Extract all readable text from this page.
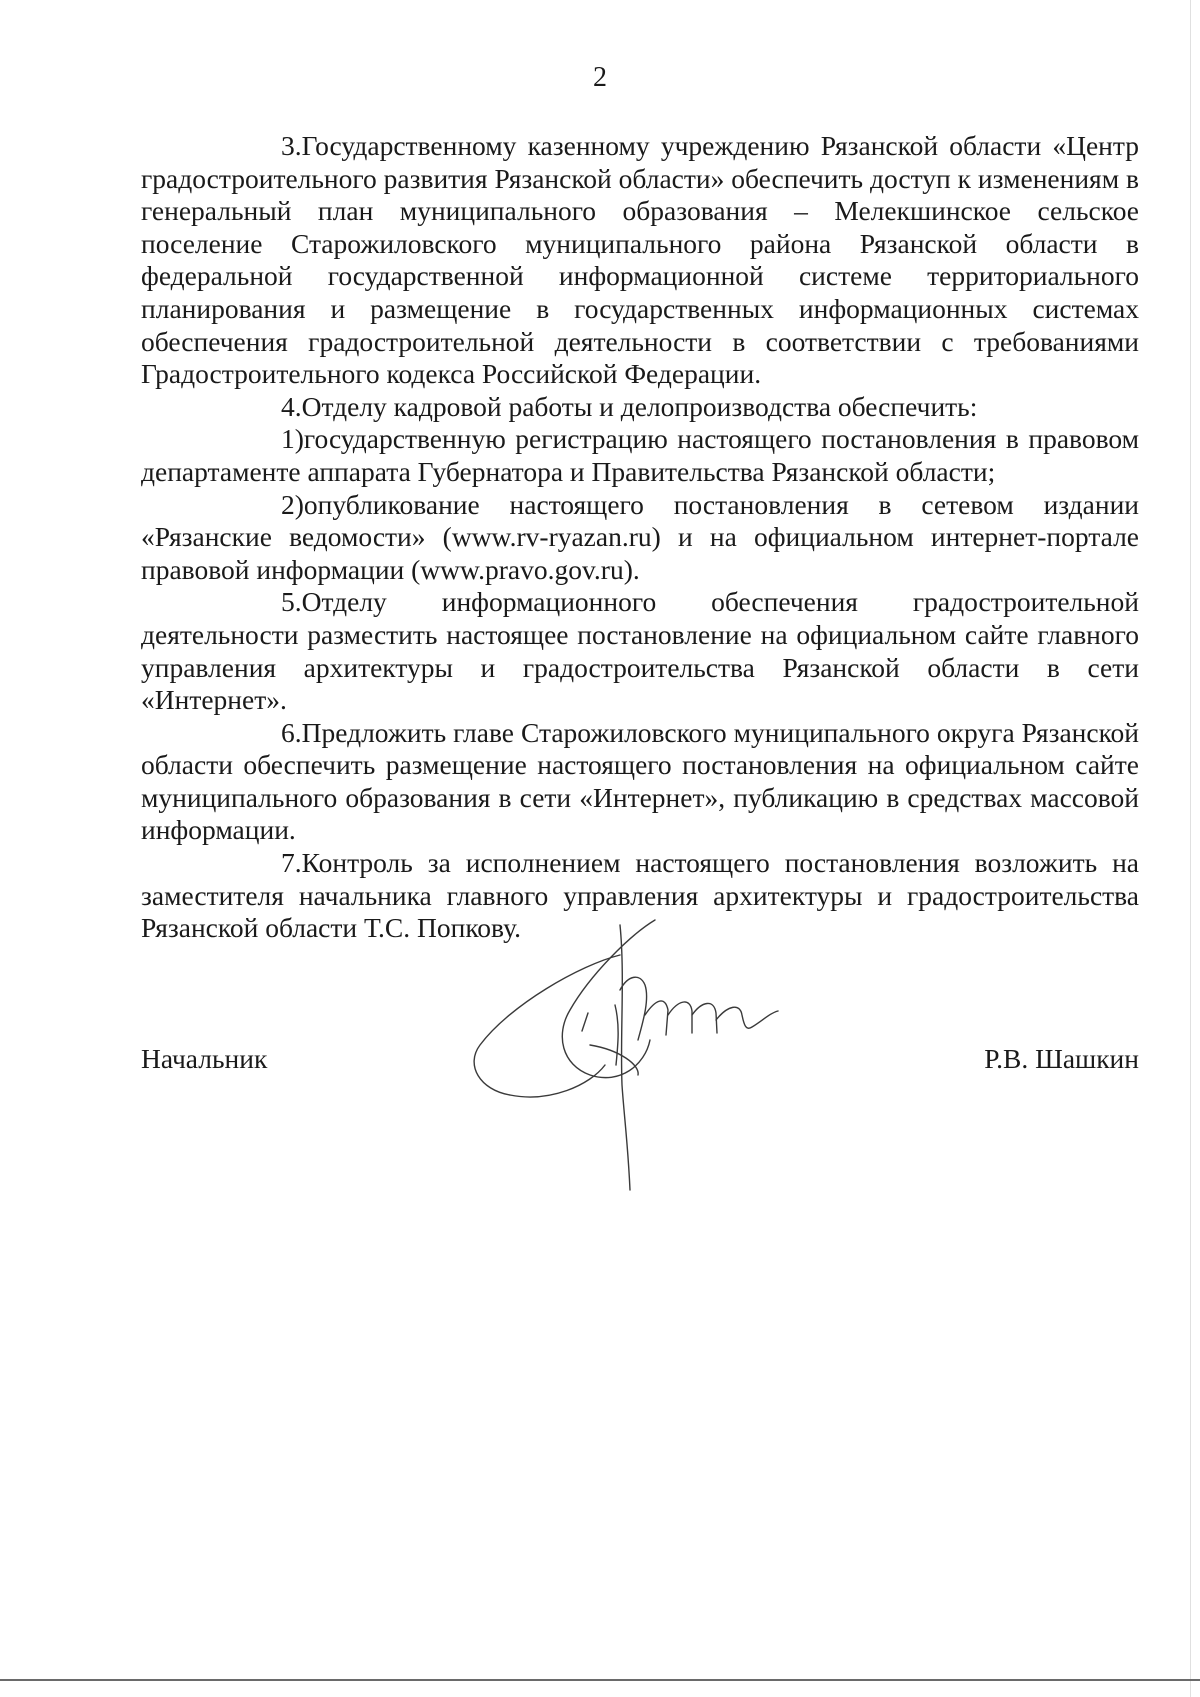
2

3.Государственному казенному учреждению Рязанской области «Центр градостроительного развития Рязанской области» обеспечить доступ к изменениям в генеральный план муниципального образования – Мелекшинское сельское поселение Старожиловского муниципального района Рязанской области в федеральной государственной информационной системе территориального планирования и размещение в государственных информационных системах обеспечения градостроительной деятельности в соответствии с требованиями Градостроительного кодекса Российской Федерации.

4.Отделу кадровой работы и делопроизводства обеспечить:

1)государственную регистрацию настоящего постановления в правовом департаменте аппарата Губернатора и Правительства Рязанской области;

2)опубликование настоящего постановления в сетевом издании «Рязанские ведомости» (www.rv-ryazan.ru) и на официальном интернет-портале правовой информации (www.pravo.gov.ru).

5.Отделу информационного обеспечения градостроительной деятельности разместить настоящее постановление на официальном сайте главного управления архитектуры и градостроительства Рязанской области в сети «Интернет».

6.Предложить главе Старожиловского муниципального округа Рязанской области обеспечить размещение настоящего постановления на официальном сайте муниципального образования в сети «Интернет», публикацию в средствах массовой информации.

7.Контроль за исполнением настоящего постановления возложить на заместителя начальника главного управления архитектуры и градостроительства Рязанской области Т.С. Попкову.

Начальник	Р.В. Шашкин
